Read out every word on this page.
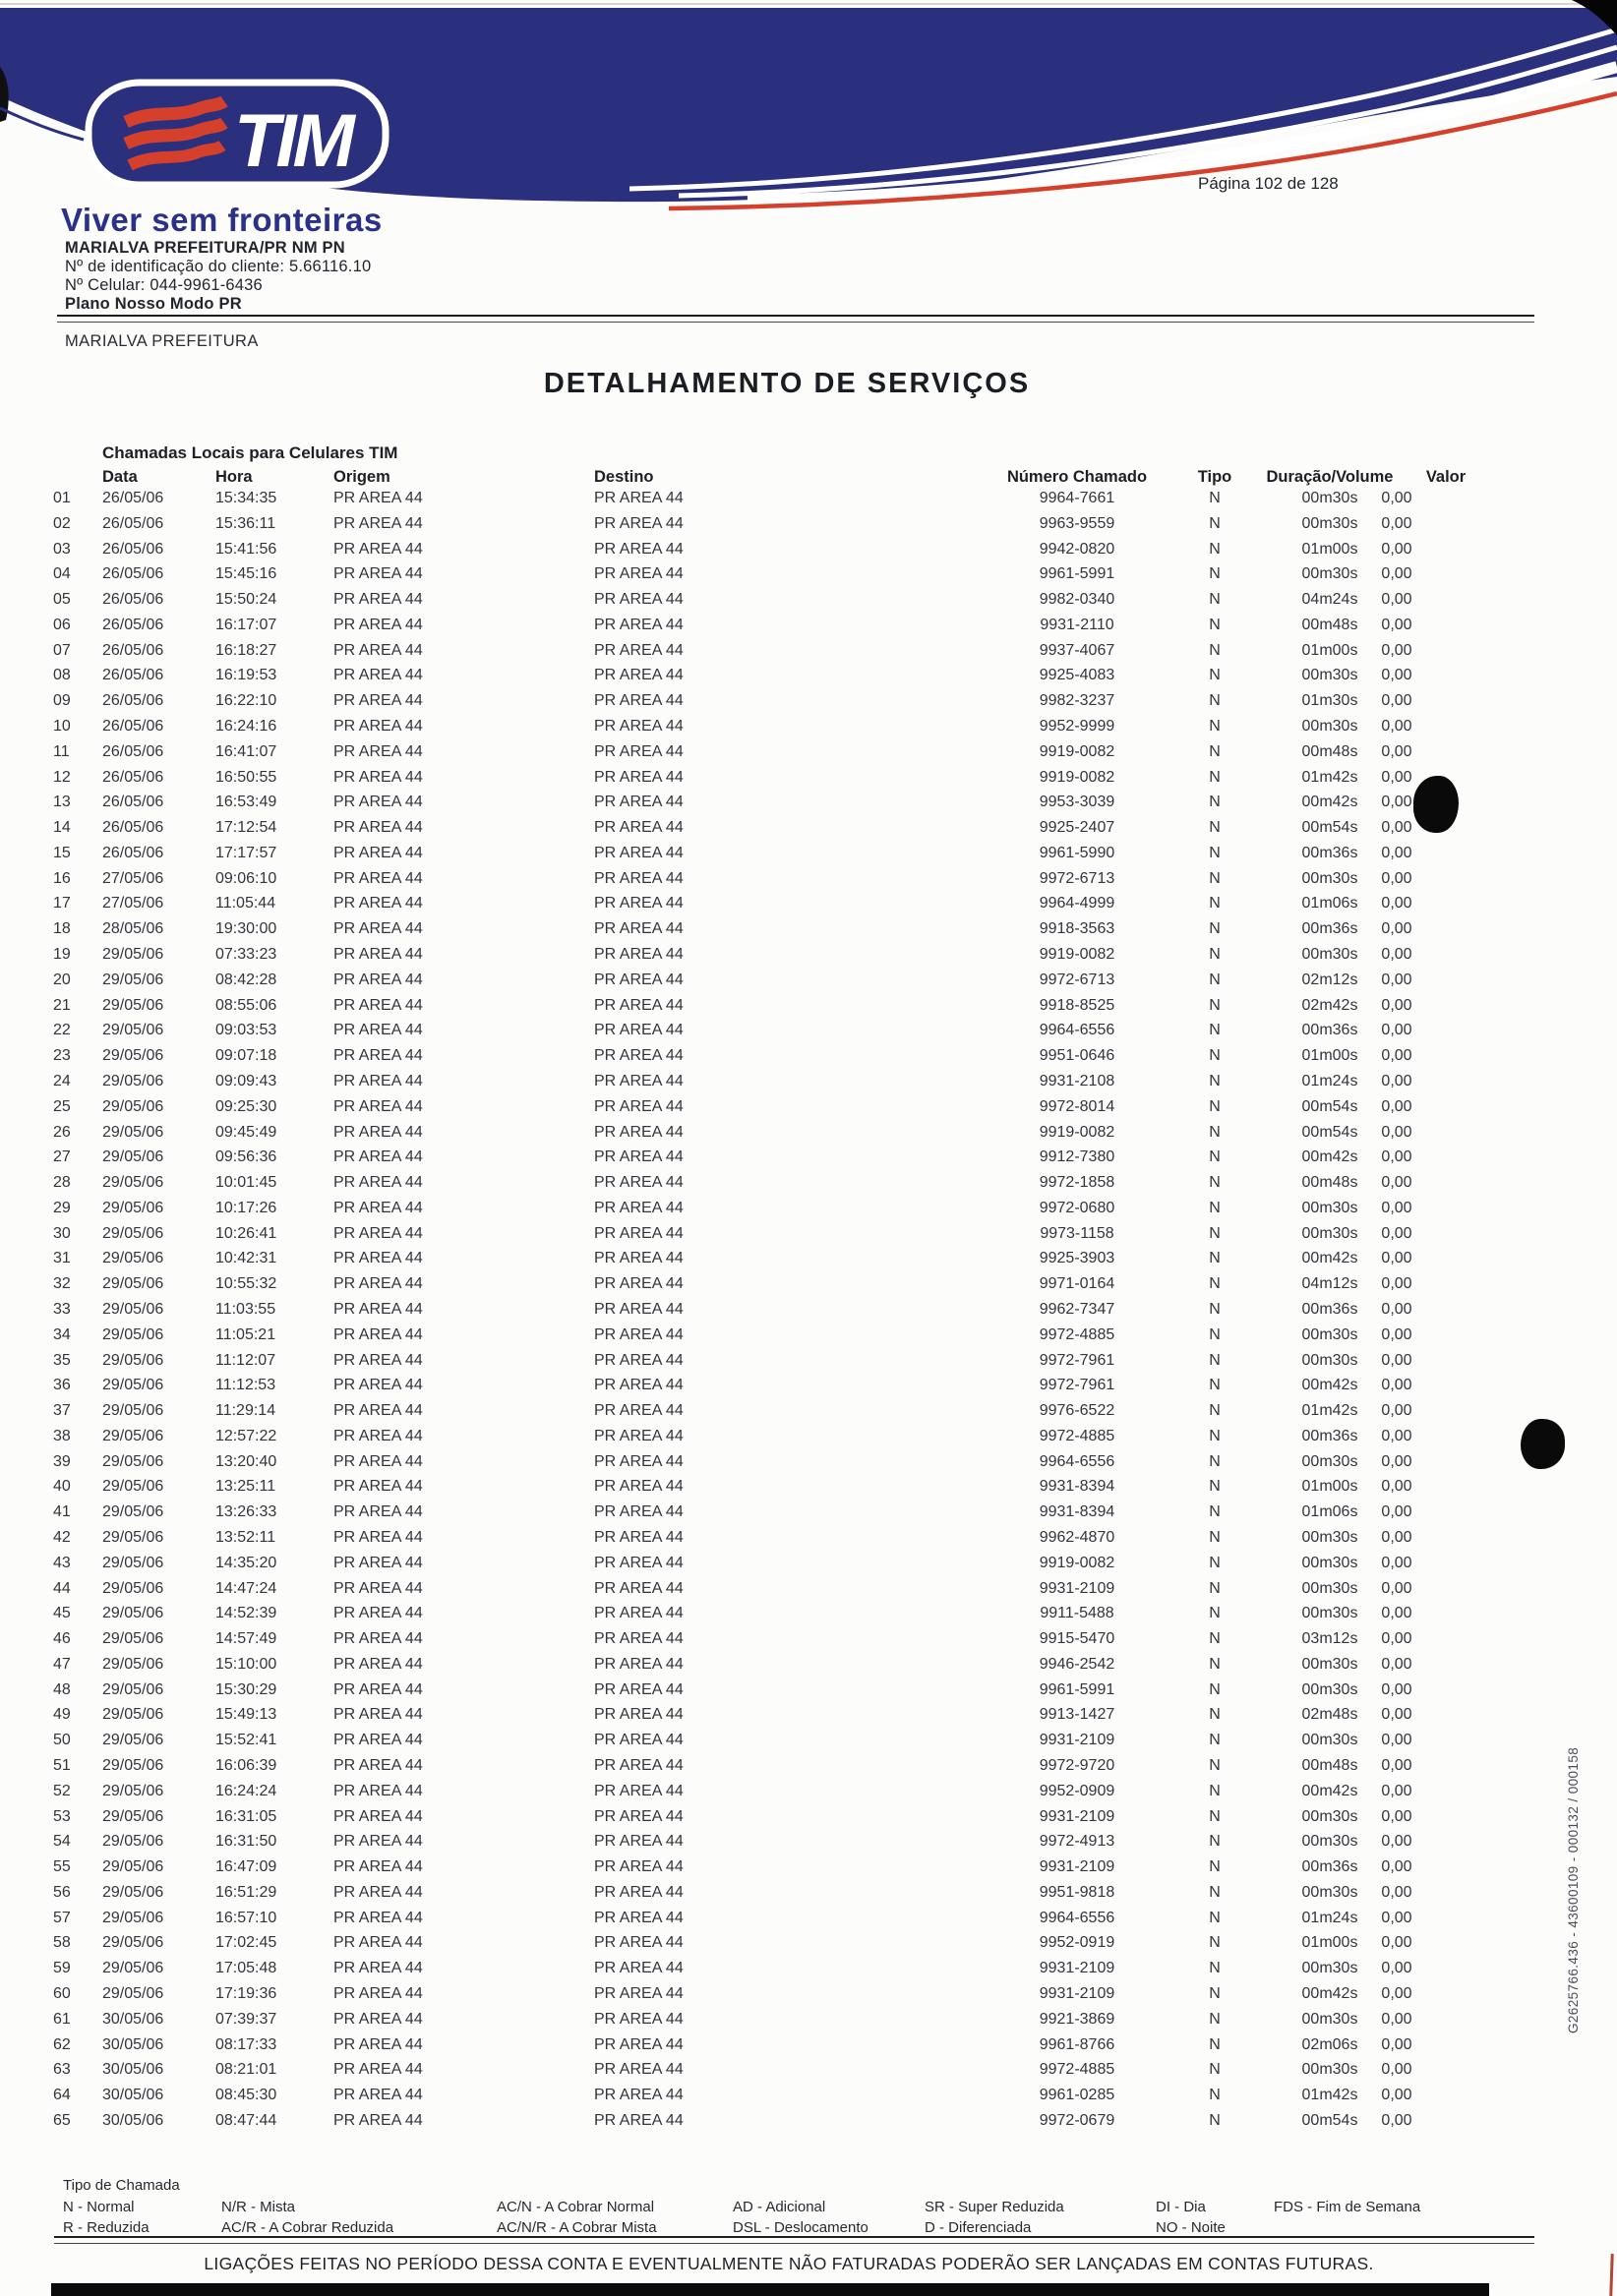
TIM
Viver sem fronteiras
MARIALVA PREFEITURA/PR NM PN
Nº de identificação do cliente: 5.66116.10
Nº Celular: 044-9961-6436
Plano Nosso Modo PR
Página 102 de 128
MARIALVA PREFEITURA
DETALHAMENTO DE SERVIÇOS
Chamadas Locais para Celulares TIM
Data	Hora	Origem	Destino	Número Chamado	Tipo	Duração/Volume	Valor
01 26/05/06	15:34:35	PR AREA 44	PR AREA 44	9964-7661	N	00m30s	0,00
02 26/05/06	15:36:11	PR AREA 44	PR AREA 44	9963-9559	N	00m30s	0,00
03 26/05/06	15:41:56	PR AREA 44	PR AREA 44	9942-0820	N	01m00s	0,00
04 26/05/06	15:45:16	PR AREA 44	PR AREA 44	9961-5991	N	00m30s	0,00
05 26/05/06	15:50:24	PR AREA 44	PR AREA 44	9982-0340	N	04m24s	0,00
06 26/05/06	16:17:07	PR AREA 44	PR AREA 44	9931-2110	N	00m48s	0,00
07 26/05/06	16:18:27	PR AREA 44	PR AREA 44	9937-4067	N	01m00s	0,00
08 26/05/06	16:19:53	PR AREA 44	PR AREA 44	9925-4083	N	00m30s	0,00
09 26/05/06	16:22:10	PR AREA 44	PR AREA 44	9982-3237	N	01m30s	0,00
10 26/05/06	16:24:16	PR AREA 44	PR AREA 44	9952-9999	N	00m30s	0,00
11 26/05/06	16:41:07	PR AREA 44	PR AREA 44	9919-0082	N	00m48s	0,00
12 26/05/06	16:50:55	PR AREA 44	PR AREA 44	9919-0082	N	01m42s	0,00
13 26/05/06	16:53:49	PR AREA 44	PR AREA 44	9953-3039	N	00m42s	0,00
14 26/05/06	17:12:54	PR AREA 44	PR AREA 44	9925-2407	N	00m54s	0,00
15 26/05/06	17:17:57	PR AREA 44	PR AREA 44	9961-5990	N	00m36s	0,00
16 27/05/06	09:06:10	PR AREA 44	PR AREA 44	9972-6713	N	00m30s	0,00
17 27/05/06	11:05:44	PR AREA 44	PR AREA 44	9964-4999	N	01m06s	0,00
18 28/05/06	19:30:00	PR AREA 44	PR AREA 44	9918-3563	N	00m36s	0,00
19 29/05/06	07:33:23	PR AREA 44	PR AREA 44	9919-0082	N	00m30s	0,00
20 29/05/06	08:42:28	PR AREA 44	PR AREA 44	9972-6713	N	02m12s	0,00
21 29/05/06	08:55:06	PR AREA 44	PR AREA 44	9918-8525	N	02m42s	0,00
22 29/05/06	09:03:53	PR AREA 44	PR AREA 44	9964-6556	N	00m36s	0,00
23 29/05/06	09:07:18	PR AREA 44	PR AREA 44	9951-0646	N	01m00s	0,00
24 29/05/06	09:09:43	PR AREA 44	PR AREA 44	9931-2108	N	01m24s	0,00
25 29/05/06	09:25:30	PR AREA 44	PR AREA 44	9972-8014	N	00m54s	0,00
26 29/05/06	09:45:49	PR AREA 44	PR AREA 44	9919-0082	N	00m54s	0,00
27 29/05/06	09:56:36	PR AREA 44	PR AREA 44	9912-7380	N	00m42s	0,00
28 29/05/06	10:01:45	PR AREA 44	PR AREA 44	9972-1858	N	00m48s	0,00
29 29/05/06	10:17:26	PR AREA 44	PR AREA 44	9972-0680	N	00m30s	0,00
30 29/05/06	10:26:41	PR AREA 44	PR AREA 44	9973-1158	N	00m30s	0,00
31 29/05/06	10:42:31	PR AREA 44	PR AREA 44	9925-3903	N	00m42s	0,00
32 29/05/06	10:55:32	PR AREA 44	PR AREA 44	9971-0164	N	04m12s	0,00
33 29/05/06	11:03:55	PR AREA 44	PR AREA 44	9962-7347	N	00m36s	0,00
34 29/05/06	11:05:21	PR AREA 44	PR AREA 44	9972-4885	N	00m30s	0,00
35 29/05/06	11:12:07	PR AREA 44	PR AREA 44	9972-7961	N	00m30s	0,00
36 29/05/06	11:12:53	PR AREA 44	PR AREA 44	9972-7961	N	00m42s	0,00
37 29/05/06	11:29:14	PR AREA 44	PR AREA 44	9976-6522	N	01m42s	0,00
38 29/05/06	12:57:22	PR AREA 44	PR AREA 44	9972-4885	N	00m36s	0,00
39 29/05/06	13:20:40	PR AREA 44	PR AREA 44	9964-6556	N	00m30s	0,00
40 29/05/06	13:25:11	PR AREA 44	PR AREA 44	9931-8394	N	01m00s	0,00
41 29/05/06	13:26:33	PR AREA 44	PR AREA 44	9931-8394	N	01m06s	0,00
42 29/05/06	13:52:11	PR AREA 44	PR AREA 44	9962-4870	N	00m30s	0,00
43 29/05/06	14:35:20	PR AREA 44	PR AREA 44	9919-0082	N	00m30s	0,00
44 29/05/06	14:47:24	PR AREA 44	PR AREA 44	9931-2109	N	00m30s	0,00
45 29/05/06	14:52:39	PR AREA 44	PR AREA 44	9911-5488	N	00m30s	0,00
46 29/05/06	14:57:49	PR AREA 44	PR AREA 44	9915-5470	N	03m12s	0,00
47 29/05/06	15:10:00	PR AREA 44	PR AREA 44	9946-2542	N	00m30s	0,00
48 29/05/06	15:30:29	PR AREA 44	PR AREA 44	9961-5991	N	00m30s	0,00
49 29/05/06	15:49:13	PR AREA 44	PR AREA 44	9913-1427	N	02m48s	0,00
50 29/05/06	15:52:41	PR AREA 44	PR AREA 44	9931-2109	N	00m30s	0,00
51 29/05/06	16:06:39	PR AREA 44	PR AREA 44	9972-9720	N	00m48s	0,00
52 29/05/06	16:24:24	PR AREA 44	PR AREA 44	9952-0909	N	00m42s	0,00
53 29/05/06	16:31:05	PR AREA 44	PR AREA 44	9931-2109	N	00m30s	0,00
54 29/05/06	16:31:50	PR AREA 44	PR AREA 44	9972-4913	N	00m30s	0,00
55 29/05/06	16:47:09	PR AREA 44	PR AREA 44	9931-2109	N	00m36s	0,00
56 29/05/06	16:51:29	PR AREA 44	PR AREA 44	9951-9818	N	00m30s	0,00
57 29/05/06	16:57:10	PR AREA 44	PR AREA 44	9964-6556	N	01m24s	0,00
58 29/05/06	17:02:45	PR AREA 44	PR AREA 44	9952-0919	N	01m00s	0,00
59 29/05/06	17:05:48	PR AREA 44	PR AREA 44	9931-2109	N	00m30s	0,00
60 29/05/06	17:19:36	PR AREA 44	PR AREA 44	9931-2109	N	00m42s	0,00
61 30/05/06	07:39:37	PR AREA 44	PR AREA 44	9921-3869	N	00m30s	0,00
62 30/05/06	08:17:33	PR AREA 44	PR AREA 44	9961-8766	N	02m06s	0,00
63 30/05/06	08:21:01	PR AREA 44	PR AREA 44	9972-4885	N	00m30s	0,00
64 30/05/06	08:45:30	PR AREA 44	PR AREA 44	9961-0285	N	01m42s	0,00
65 30/05/06	08:47:44	PR AREA 44	PR AREA 44	9972-0679	N	00m54s	0,00
G2625766.436 - 43600109 - 000132 / 000158
Tipo de Chamada
N - Normal	N/R - Mista	AC/N - A Cobrar Normal	AD - Adicional	SR - Super Reduzida	DI - Dia	FDS - Fim de Semana
R - Reduzida	AC/R - A Cobrar Reduzida	AC/N/R - A Cobrar Mista	DSL - Deslocamento	D - Diferenciada	NO - Noite
LIGAÇÕES FEITAS NO PERÍODO DESSA CONTA E EVENTUALMENTE NÃO FATURADAS PODERÃO SER LANÇADAS EM CONTAS FUTURAS.
